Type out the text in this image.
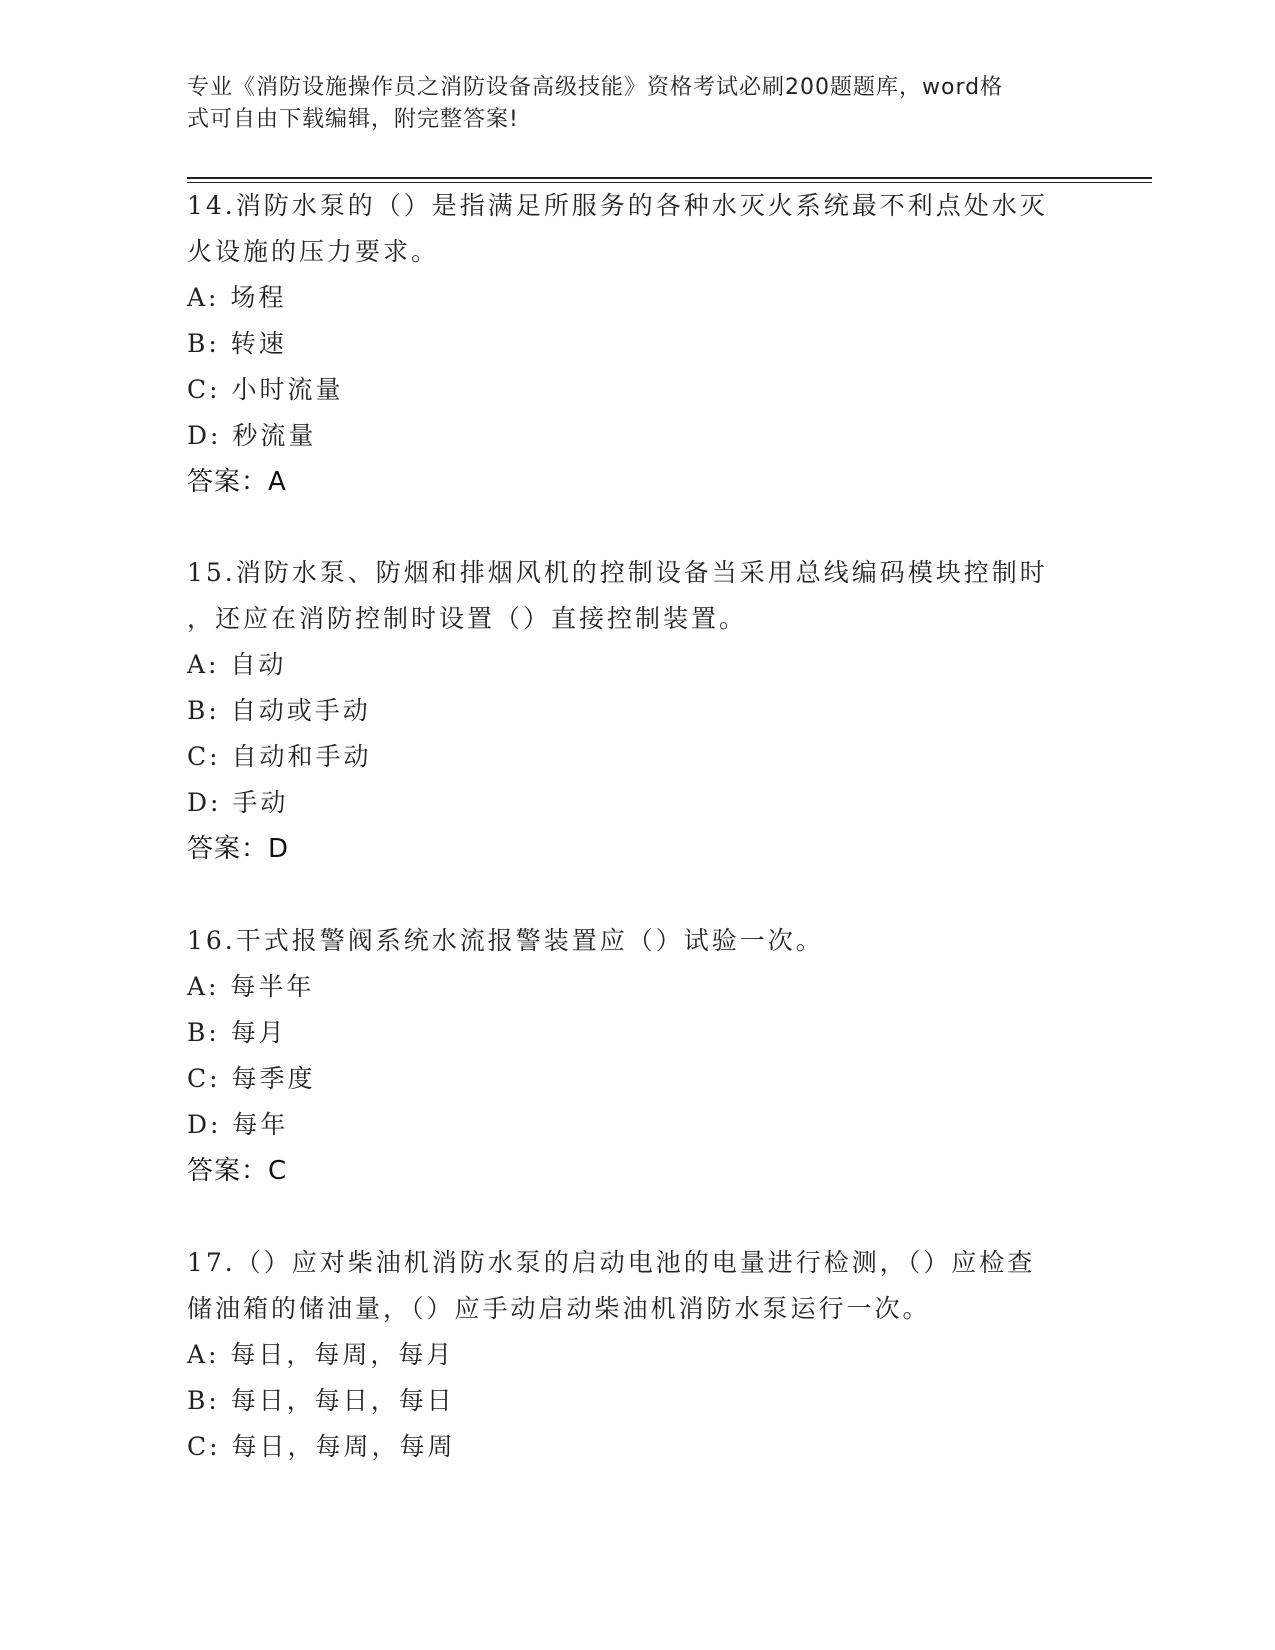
专业《消防设施操作员之消防设备高级技能》资格考试必刷200题题库，word格
式可自由下载编辑，附完整答案!

14.消防水泵的（）是指满足所服务的各种水灭火系统最不利点处水灭

火设施的压力要求。

A: 场程

B: 转速

C: 小时流量

D: 秒流量

答案：A

15.消防水泵、防烟和排烟风机的控制设备当采用总线编码模块控制时

，还应在消防控制时设置（）直接控制装置。

A: 自动

B: 自动或手动

C: 自动和手动

D: 手动

答案：D

16.干式报警阀系统水流报警装置应（）试验一次。

A: 每半年

B: 每月

C: 每季度

D: 每年

答案：C

17.（）应对柴油机消防水泵的启动电池的电量进行检测，（）应检查

储油箱的储油量，（）应手动启动柴油机消防水泵运行一次。

A: 每日，每周，每月

B: 每日，每日，每日

C: 每日，每周，每周
